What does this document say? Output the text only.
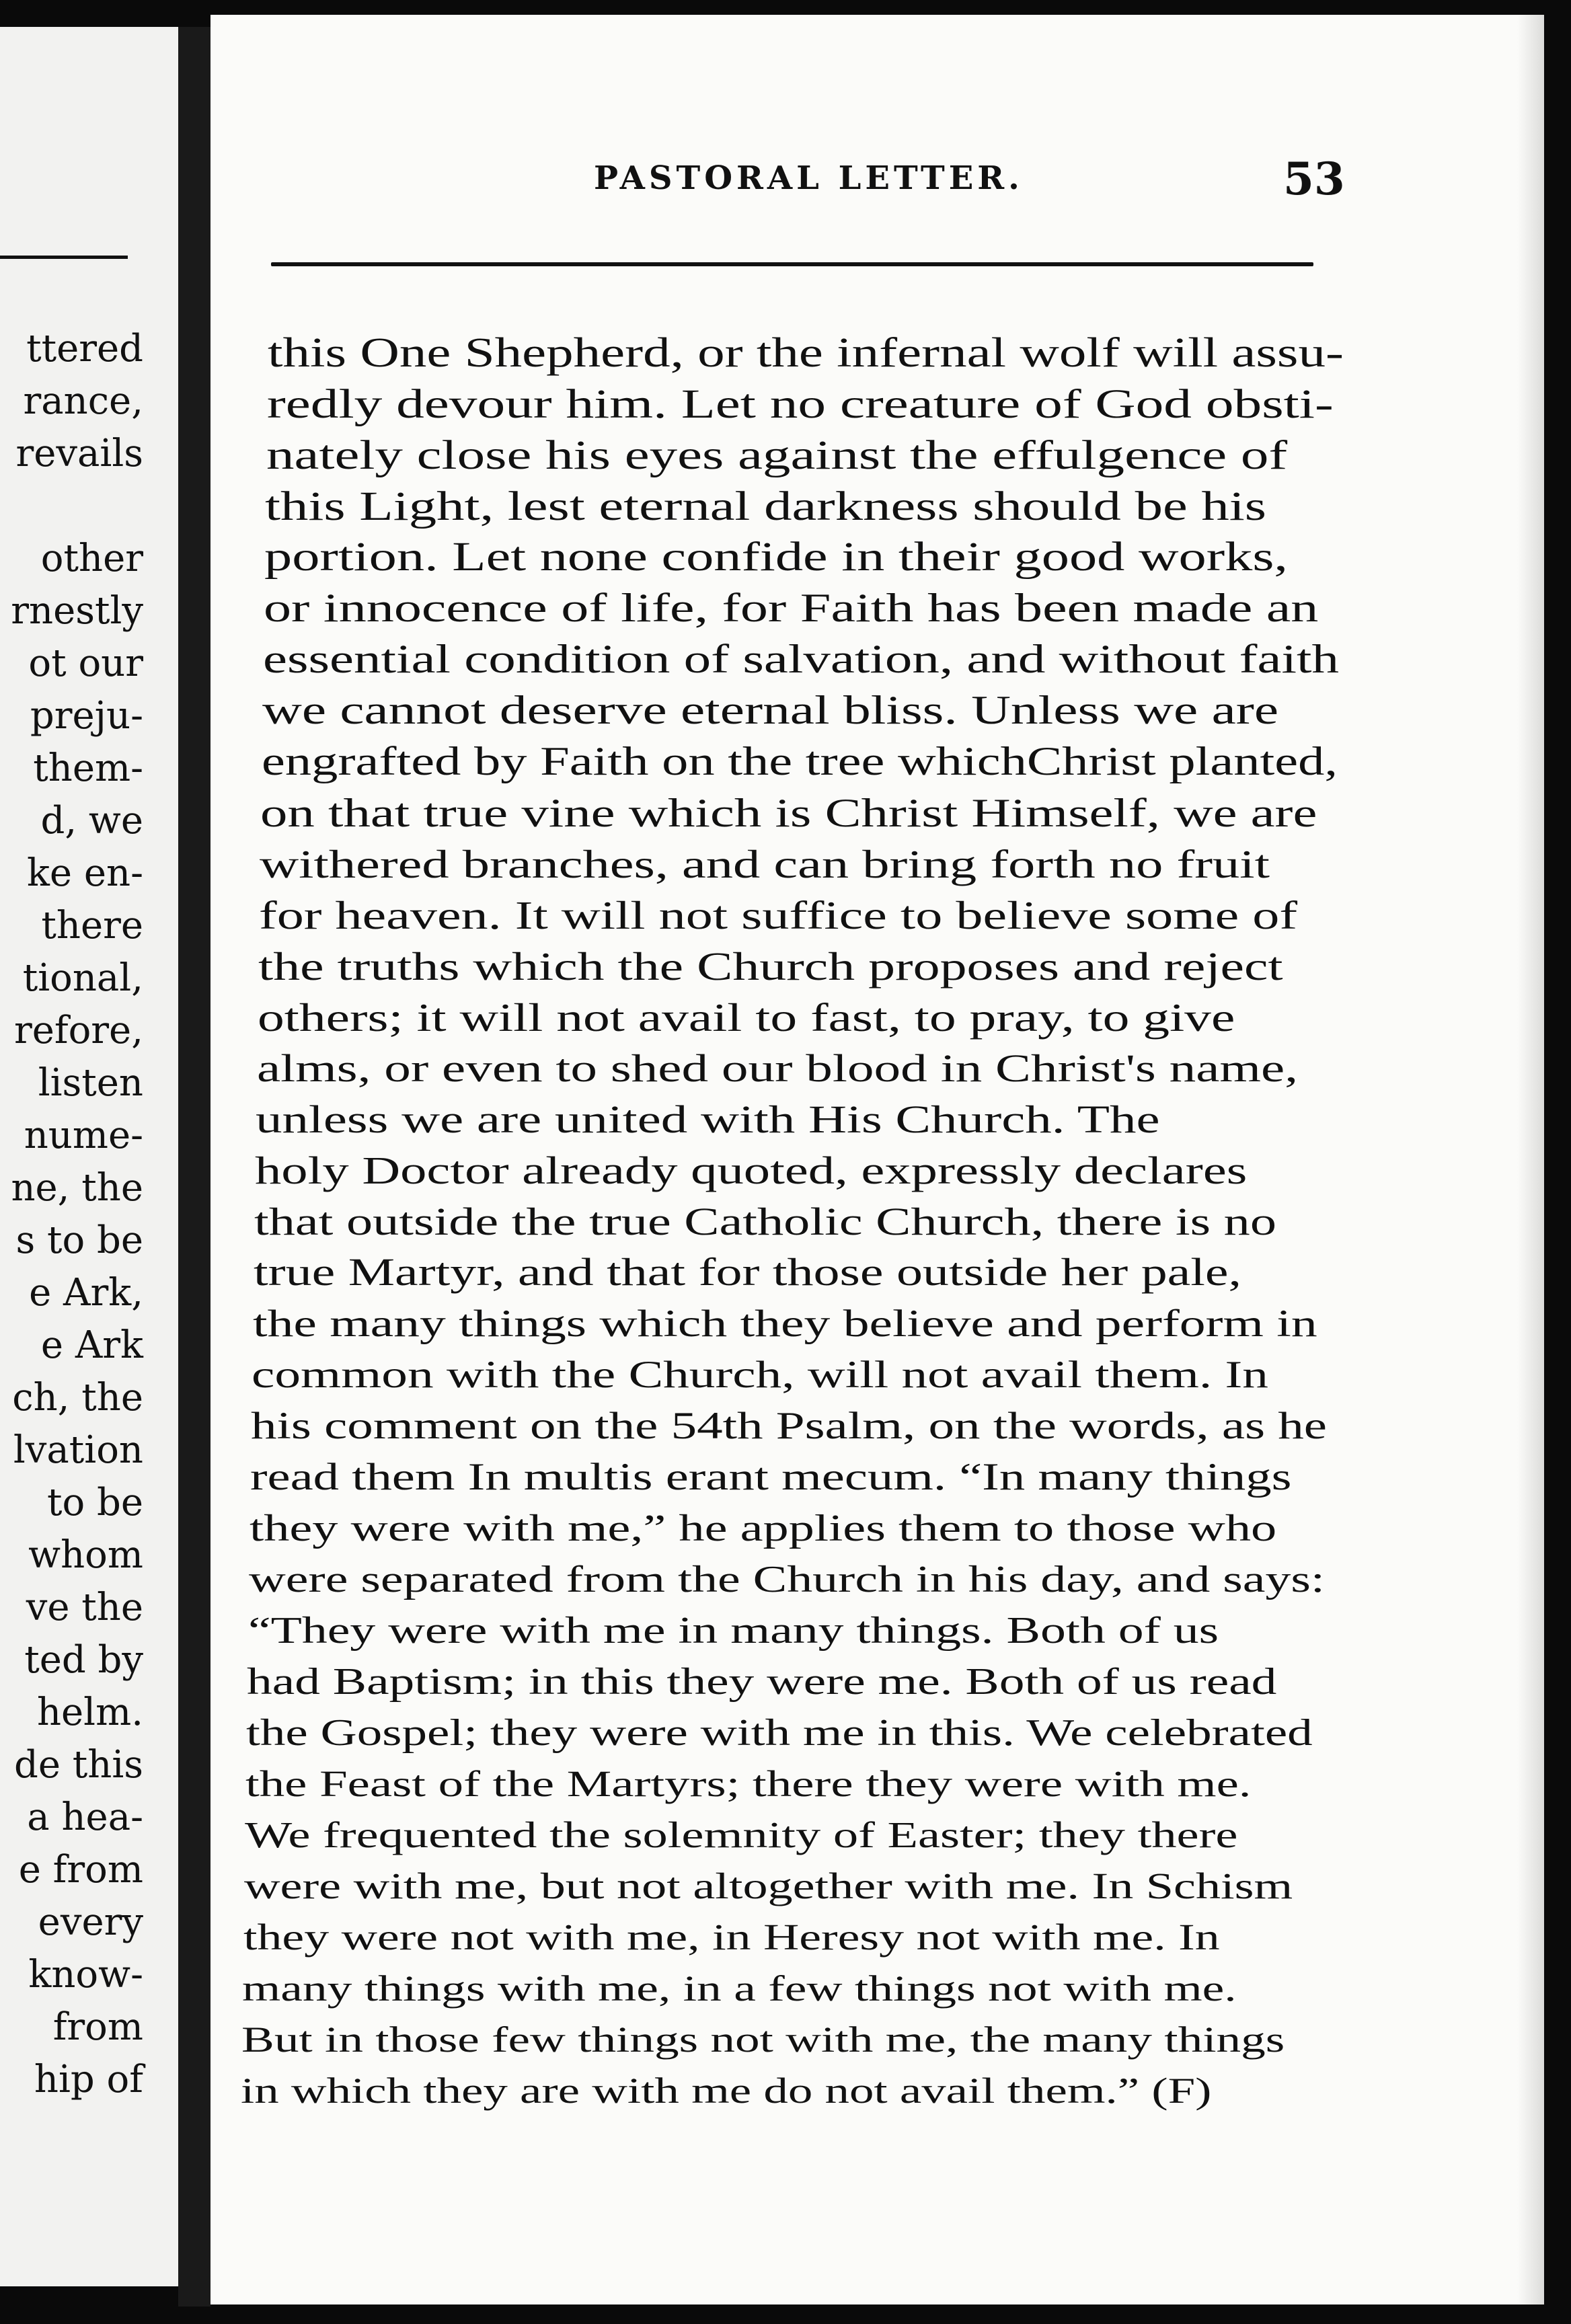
ttered
rance,
revails
other
rnestly
ot our
preju-
them-
d, we
ke en-
there
tional,
refore,
listen
nume-
ne, the
s to be
e Ark,
e Ark
ch, the
lvation
to be
whom
ve the
ted by
helm.
de this
a hea-
e from
every
know-
from
hip of
PASTORAL LETTER.	53
this One Shepherd, or the infernal wolf will assu-
redly devour him. Let no creature of God obsti-
nately close his eyes against the effulgence of
this Light, lest eternal darkness should be his
portion. Let none confide in their good works,
or innocence of life, for Faith has been made an
essential condition of salvation, and without faith
we cannot deserve eternal bliss. Unless we are
engrafted by Faith on the tree whichChrist planted,
on that true vine which is Christ Himself, we are
withered branches, and can bring forth no fruit
for heaven. It will not suffice to believe some of
the truths which the Church proposes and reject
others; it will not avail to fast, to pray, to give
alms, or even to shed our blood in Christ's name,
unless we are united with His Church. The
holy Doctor already quoted, expressly declares
that outside the true Catholic Church, there is no
true Martyr, and that for those outside her pale,
the many things which they believe and perform in
common with the Church, will not avail them. In
his comment on the 54th Psalm, on the words, as he
read them In multis erant mecum. “In many things
they were with me,” he applies them to those who
were separated from the Church in his day, and says:
“They were with me in many things. Both of us
had Baptism; in this they were me. Both of us read
the Gospel; they were with me in this. We celebrated
the Feast of the Martyrs; there they were with me.
We frequented the solemnity of Easter; they there
were with me, but not altogether with me. In Schism
they were not with me, in Heresy not with me. In
many things with me, in a few things not with me.
But in those few things not with me, the many things
in which they are with me do not avail them.” (F)
